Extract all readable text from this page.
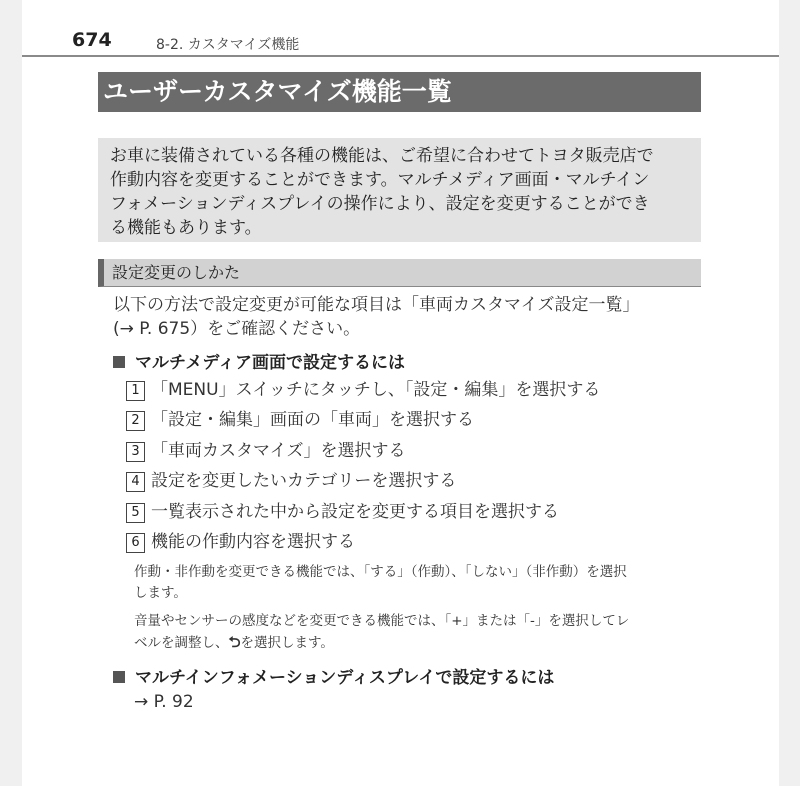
674	8-2. カスタマイズ機能
ユーザーカスタマイズ機能一覧
お車に装備されている各種の機能は、ご希望に合わせてトヨタ販売店で
作動内容を変更することができます。マルチメディア画面・マルチイン
フォメーションディスプレイの操作により、設定を変更することができ
る機能もあります。
設定変更のしかた
以下の方法で設定変更が可能な項目は「車両カスタマイズ設定一覧」
(→ P. 675）をご確認ください。
マルチメディア画面で設定するには
1 「MENU」スイッチにタッチし、「設定・編集」を選択する
2 「設定・編集」画面の「車両」を選択する
3 「車両カスタマイズ」を選択する
4 設定を変更したいカテゴリーを選択する
5 一覧表示された中から設定を変更する項目を選択する
6 機能の作動内容を選択する
作動・非作動を変更できる機能では、「する」（作動）、「しない」（非作動）を選択
します。
音量やセンサーの感度などを変更できる機能では、「+」または「-」を選択してレ
ベルを調整し、⮌を選択します。
マルチインフォメーションディスプレイで設定するには
→ P. 92
